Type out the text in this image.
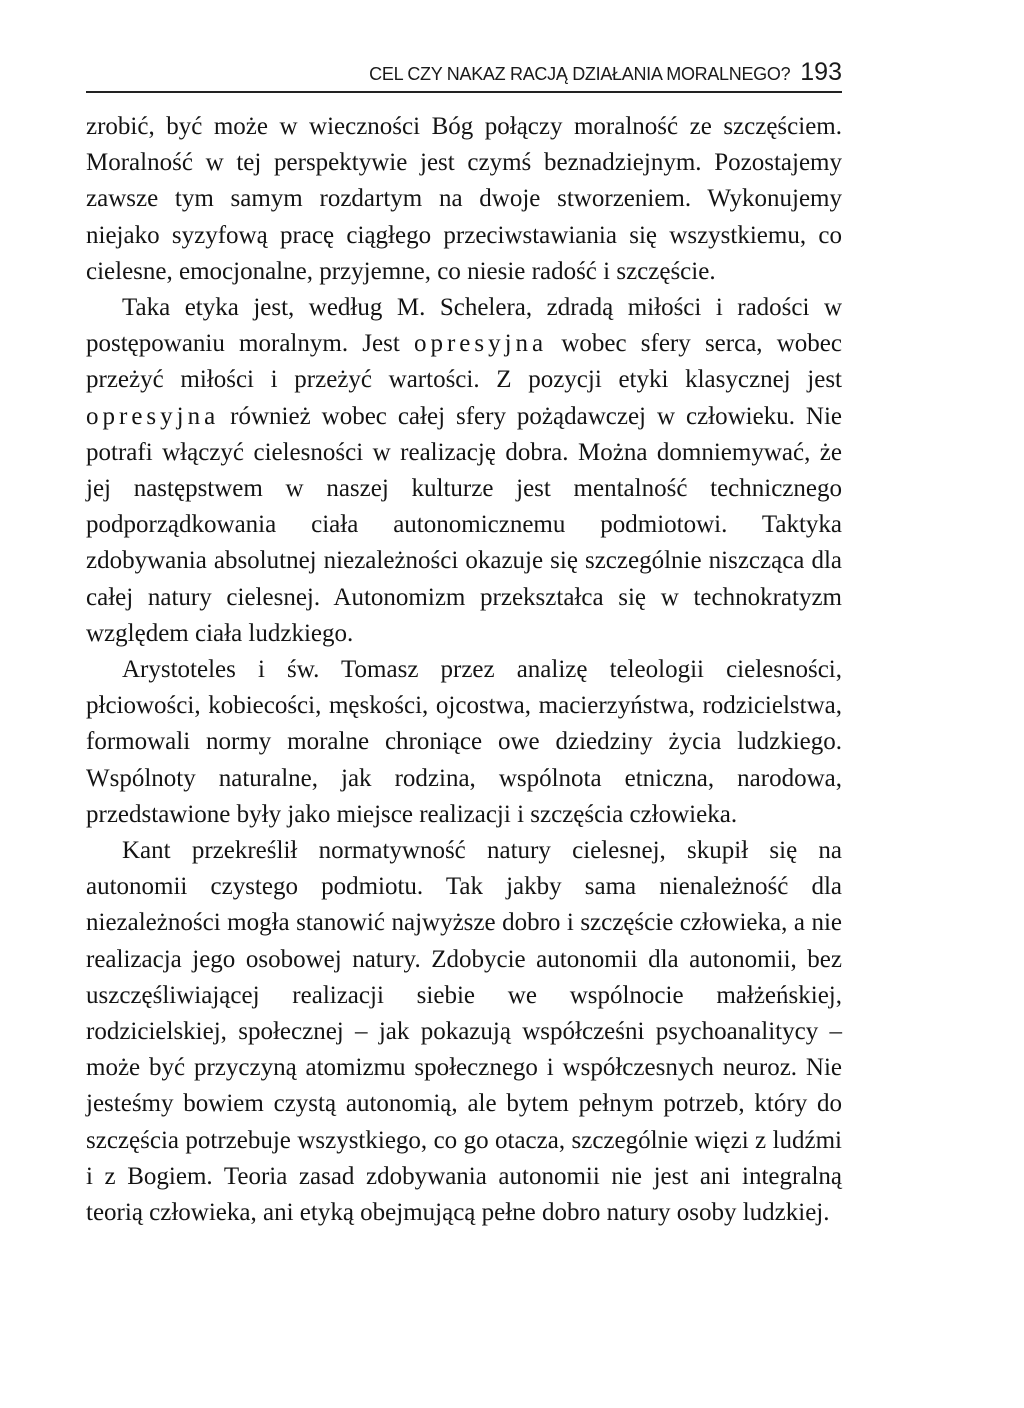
CEL CZY NAKAZ RACJĄ DZIAŁANIA MORALNEGO? 193

zrobić, być może w wieczności Bóg połączy moralność ze szczęściem. Moralność w tej perspektywie jest czymś beznadziejnym. Pozostajemy zawsze tym samym rozdartym na dwoje stworzeniem. Wykonujemy niejako syzyfową pracę ciągłego przeciwstawiania się wszystkiemu, co cielesne, emocjonalne, przyjemne, co niesie radość i szczęście.

Taka etyka jest, według M. Schelera, zdradą miłości i radości w postępowaniu moralnym. Jest opresyjna wobec sfery serca, wobec przeżyć miłości i przeżyć wartości. Z pozycji etyki klasycznej jest opresyjna również wobec całej sfery pożądawczej w człowieku. Nie potrafi włączyć cielesności w realizację dobra. Można domniemywać, że jej następstwem w naszej kulturze jest mentalność technicznego podporządkowania ciała autonomicznemu podmiotowi. Taktyka zdobywania absolutnej niezależności okazuje się szczególnie niszcząca dla całej natury cielesnej. Autonomizm przekształca się w technokratyzm względem ciała ludzkiego.

Arystoteles i św. Tomasz przez analizę teleologii cielesności, płciowości, kobiecości, męskości, ojcostwa, macierzyństwa, rodzicielstwa, formowali normy moralne chroniące owe dziedziny życia ludzkiego. Wspólnoty naturalne, jak rodzina, wspólnota etniczna, narodowa, przedstawione były jako miejsce realizacji i szczęścia człowieka.

Kant przekreślił normatywność natury cielesnej, skupił się na autonomii czystego podmiotu. Tak jakby sama nienależność dla niezależności mogła stanowić najwyższe dobro i szczęście człowieka, a nie realizacja jego osobowej natury. Zdobycie autonomii dla autonomii, bez uszczęśliwiającej realizacji siebie we wspólnocie małżeńskiej, rodzicielskiej, społecznej – jak pokazują współcześni psychoanalitycy – może być przyczyną atomizmu społecznego i współczesnych neuroz. Nie jesteśmy bowiem czystą autonomią, ale bytem pełnym potrzeb, który do szczęścia potrzebuje wszystkiego, co go otacza, szczególnie więzi z ludźmi i z Bogiem. Teoria zasad zdobywania autonomii nie jest ani integralną teorią człowieka, ani etyką obejmującą pełne dobro natury osoby ludzkiej.
